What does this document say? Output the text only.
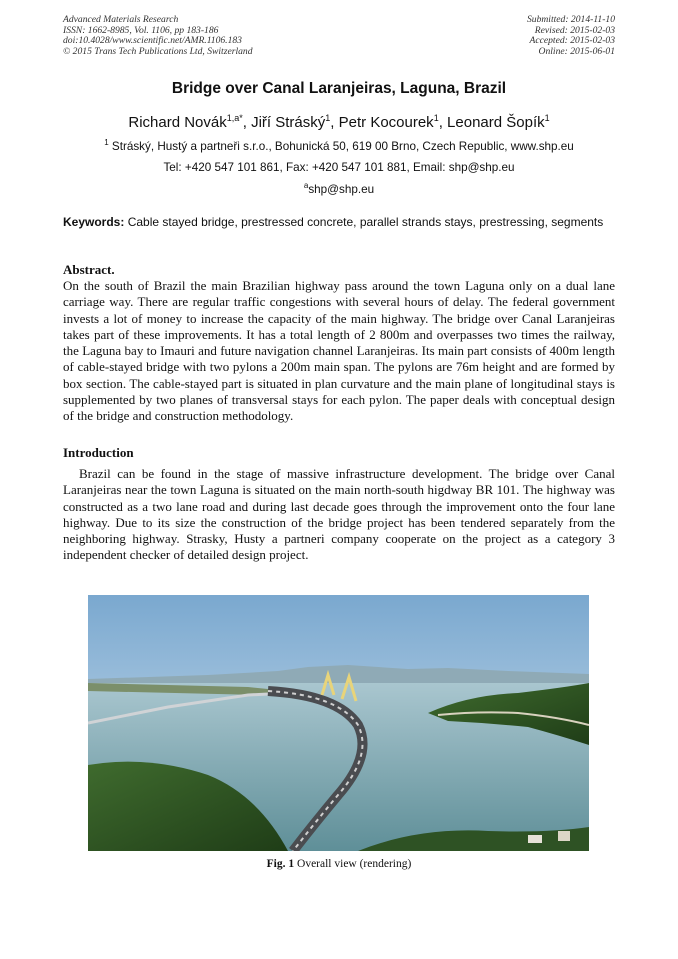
Advanced Materials Research
ISSN: 1662-8985, Vol. 1106, pp 183-186
doi:10.4028/www.scientific.net/AMR.1106.183
© 2015 Trans Tech Publications Ltd, Switzerland
Submitted: 2014-11-10
Revised: 2015-02-03
Accepted: 2015-02-03
Online: 2015-06-01
Bridge over Canal Laranjeiras, Laguna, Brazil
Richard Novák$^{1,a*}$, Jiří Stráský$^1$, Petr Kocourek$^1$, Leonard Šopík$^1$
$^1$ Stráský, Hustý a partneři s.r.o., Bohunická 50, 619 00 Brno, Czech Republic, www.shp.eu
Tel: +420 547 101 861, Fax: +420 547 101 881, Email: shp@shp.eu
$^a$shp@shp.eu
Keywords: Cable stayed bridge, prestressed concrete, parallel strands stays, prestressing, segments
Abstract.
On the south of Brazil the main Brazilian highway pass around the town Laguna only on a dual lane carriage way. There are regular traffic congestions with several hours of delay. The federal government invests a lot of money to increase the capacity of the main highway. The bridge over Canal Laranjeiras takes part of these improvements. It has a total length of 2 800m and overpasses two times the railway, the Laguna bay to Imauri and future navigation channel Laranjeiras. Its main part consists of 400m length of cable-stayed bridge with two pylons a 200m main span. The pylons are 76m height and are formed by box section. The cable-stayed part is situated in plan curvature and the main plane of longitudinal stays is supplemented by two planes of transversal stays for each pylon. The paper deals with conceptual design of the bridge and construction methodology.
Introduction
Brazil can be found in the stage of massive infrastructure development. The bridge over Canal Laranjeiras near the town Laguna is situated on the main north-south higdway BR 101. The highway was constructed as a two lane road and during last decade goes through the improvement onto the four lane highway. Due to its size the construction of the bridge project has been tendered separately from the neighboring highway. Strasky, Husty a partneri company cooperate on the project as a category 3 independent checker of detailed design project.
Fig. 1 Overall view (rendering)
